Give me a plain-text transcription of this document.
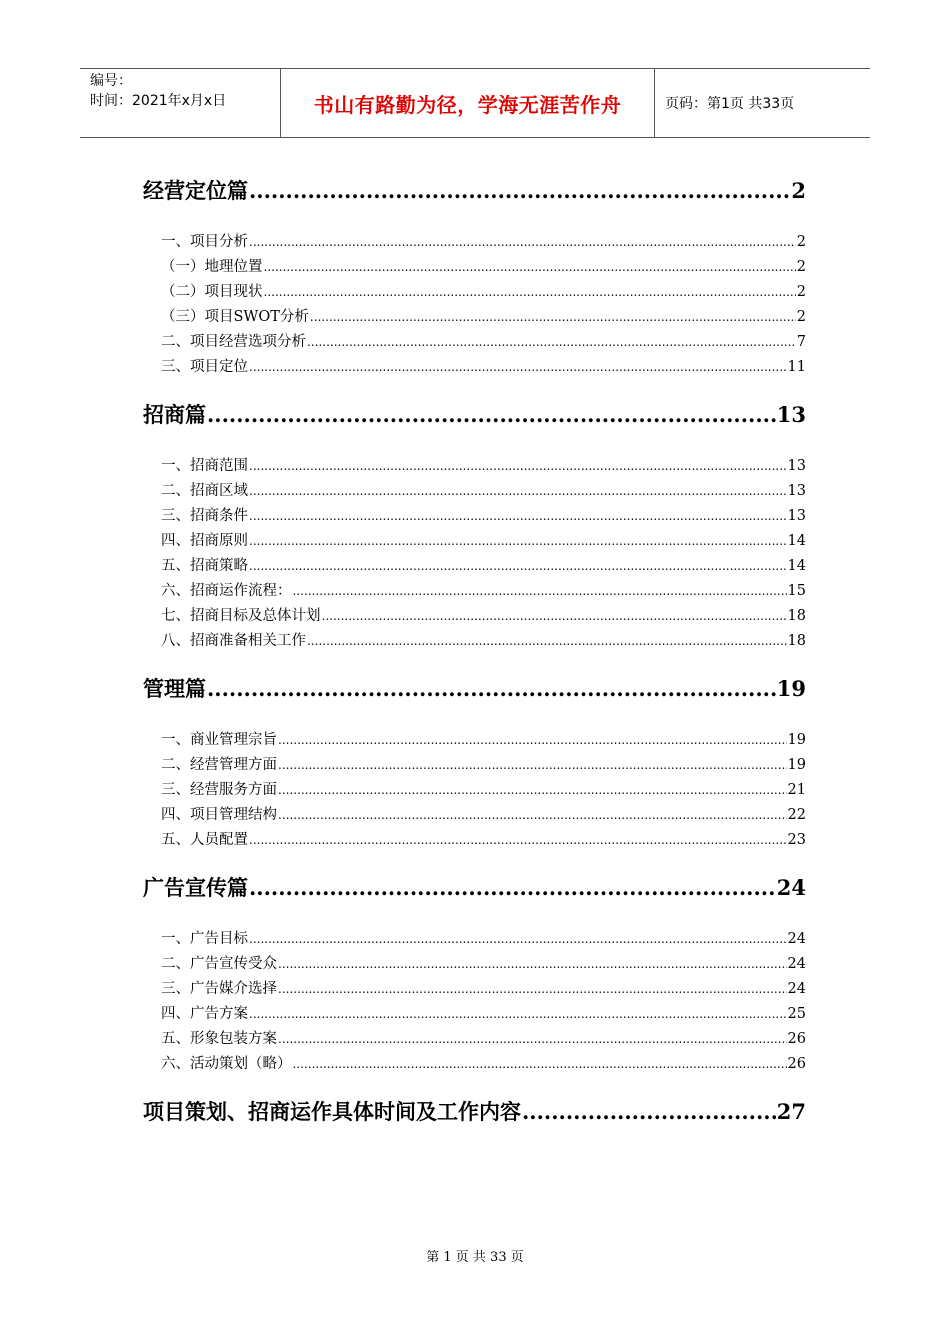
编号：
时间：2021年x月x日	书山有路勤为径，学海无涯苦作舟	页码：第1页 共33页
经营定位篇 .....	2
一、项目分析 .....	2
（一）地理位置 .....	2
（二）项目现状 .....	2
（三）项目SWOT分析 .....	2
二、项目经营选项分析 .....	7
三、项目定位 .....	11
招商篇 .....	13
一、招商范围 .....	13
二、招商区域 .....	13
三、招商条件 .....	13
四、招商原则 .....	14
五、招商策略 .....	14
六、招商运作流程： .....	15
七、招商目标及总体计划 .....	18
八、招商准备相关工作 .....	18
管理篇 .....	19
一、商业管理宗旨 .....	19
二、经营管理方面 .....	19
三、经营服务方面 .....	21
四、项目管理结构 .....	22
五、人员配置 .....	23
广告宣传篇 .....	24
一、广告目标 .....	24
二、广告宣传受众 .....	24
三、广告媒介选择 .....	24
四、广告方案 .....	25
五、形象包装方案 .....	26
六、活动策划（略） .....	26
项目策划、招商运作具体时间及工作内容 .....	27
第 1 页 共 33 页
